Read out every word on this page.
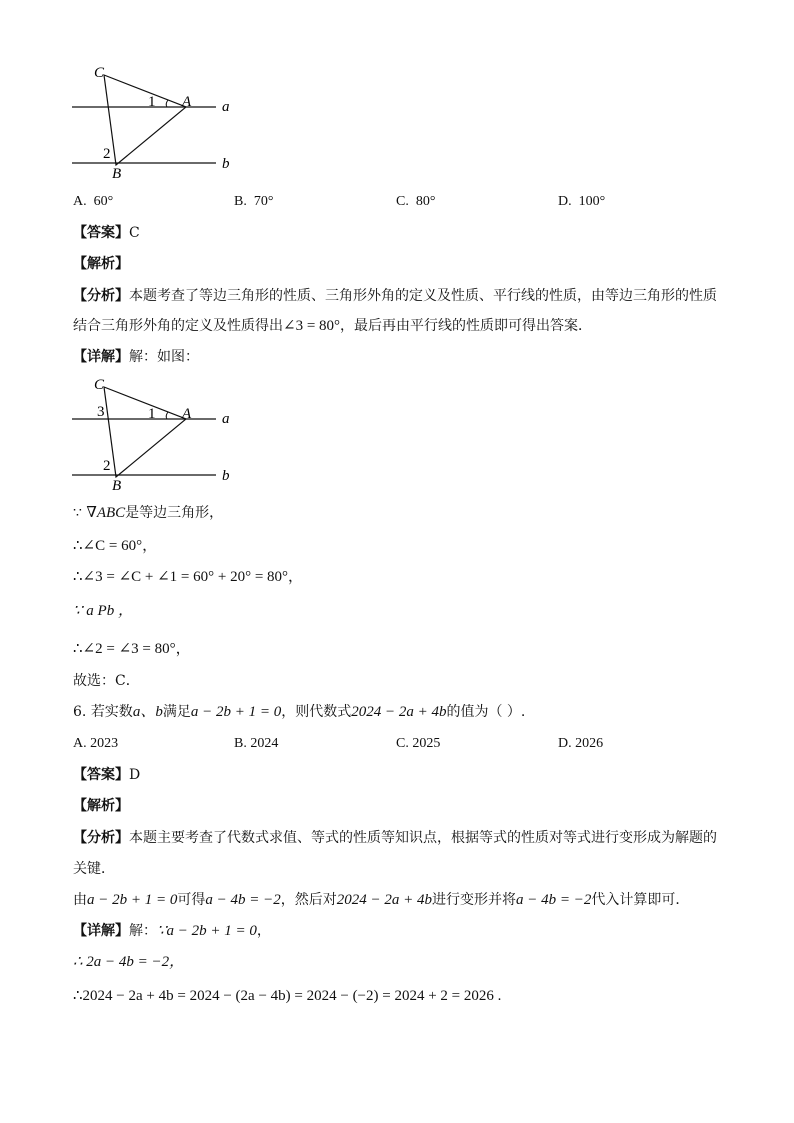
C
A
B
a
b
1
2
A. 60°	B. 70°	C. 80°	D. 100°
【答案】C
【解析】
【分析】本题考查了等边三角形的性质、三角形外角的定义及性质、平行线的性质，由等边三角形的性质
结合三角形外角的定义及性质得出∠3 = 80°，最后再由平行线的性质即可得出答案．
【详解】解：如图：
C
A
B
a
b
1
2
3
∵ ∇ABC是等边三角形，
∴∠C = 60°，
∴∠3 = ∠C + ∠1 = 60° + 20° = 80°，
∵ a Pb ，
∴∠2 = ∠3 = 80°，
故选：C．
6. 若实数a、b满足a − 2b + 1 = 0，则代数式2024 − 2a + 4b的值为（ ）.
A. 2023	B. 2024	C. 2025	D. 2026
【答案】D
【解析】
【分析】本题主要考查了代数式求值、等式的性质等知识点，根据等式的性质对等式进行变形成为解题的
关键．
由a − 2b + 1 = 0可得a − 4b = −2，然后对2024 − 2a + 4b进行变形并将a − 4b = −2代入计算即可．
【详解】解：∵a − 2b + 1 = 0，
∴ 2a − 4b = −2，
∴2024 − 2a + 4b = 2024 − (2a − 4b) = 2024 − (−2) = 2024 + 2 = 2026 .
